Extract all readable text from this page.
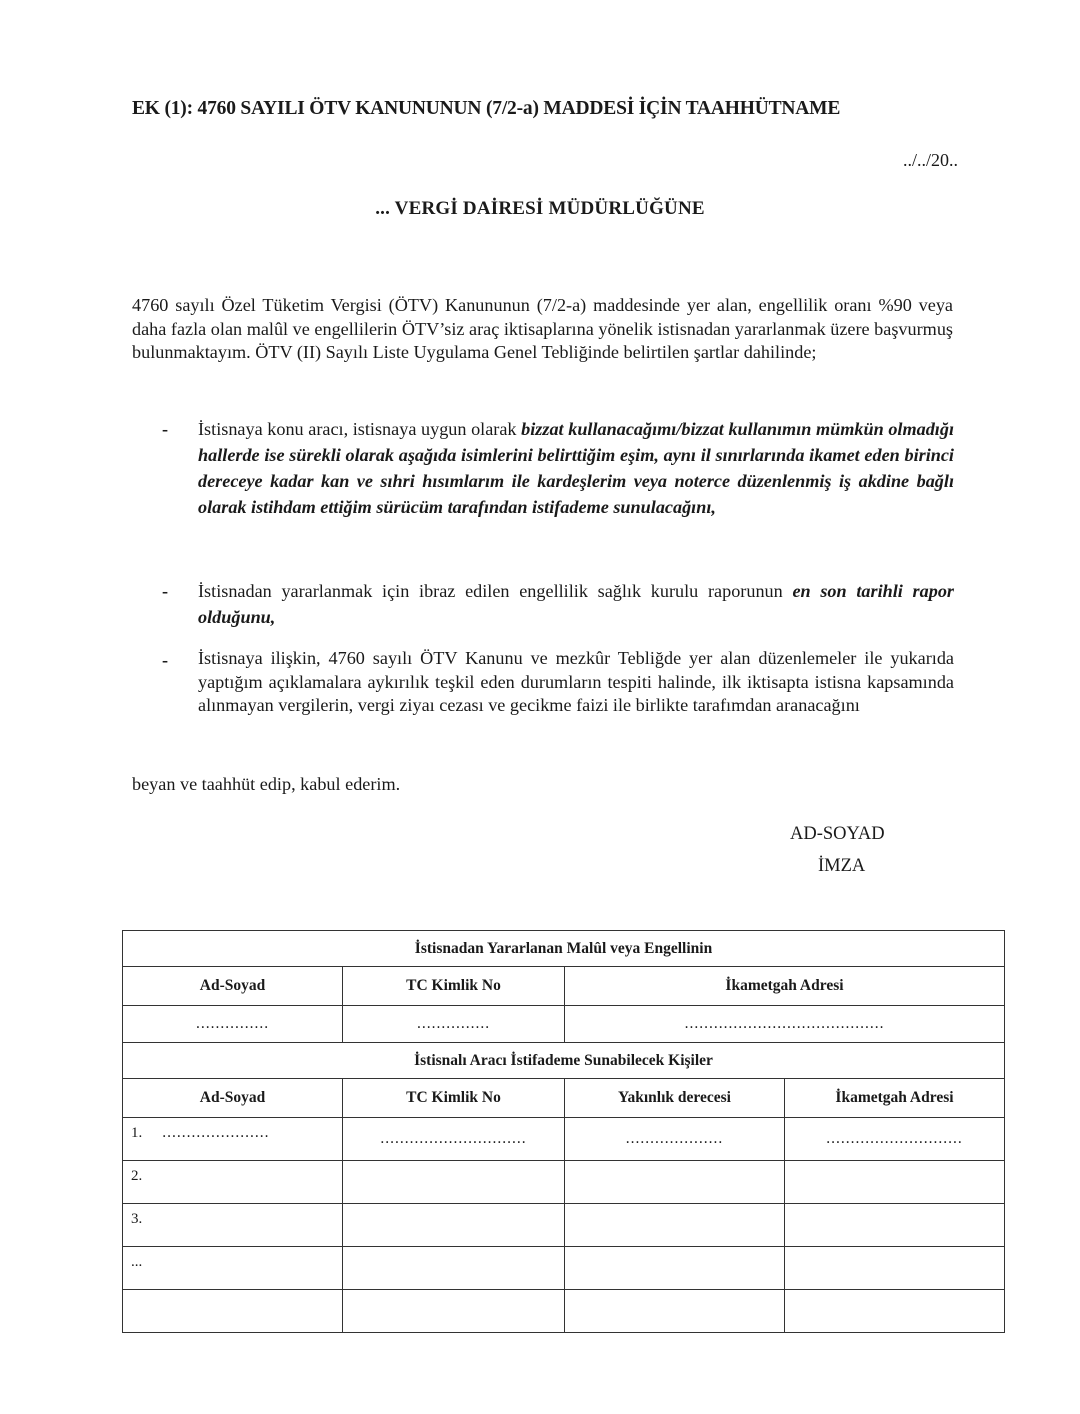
EK (1): 4760 SAYILI ÖTV KANUNUNUN (7/2-a) MADDESİ İÇİN TAAHHÜTNAME
../../20..
... VERGİ DAİRESİ MÜDÜRLÜĞÜNE
4760 sayılı Özel Tüketim Vergisi (ÖTV) Kanununun (7/2-a) maddesinde yer alan, engellilik oranı %90 veya daha fazla olan malûl ve engellilerin ÖTV’siz araç iktisaplarına yönelik istisnadan yararlanmak üzere başvurmuş bulunmaktayım. ÖTV (II) Sayılı Liste Uygulama Genel Tebliğinde belirtilen şartlar dahilinde;
- İstisnaya konu aracı, istisnaya uygun olarak bizzat kullanacağımı/bizzat kullanımın mümkün olmadığı hallerde ise sürekli olarak aşağıda isimlerini belirttiğim eşim, aynı il sınırlarında ikamet eden birinci dereceye kadar kan ve sıhri hısımlarım ile kardeşlerim veya noterce düzenlenmiş iş akdine bağlı olarak istihdam ettiğim sürücüm tarafından istifademe sunulacağını,
- İstisnadan yararlanmak için ibraz edilen engellilik sağlık kurulu raporunun en son tarihli rapor olduğunu,
- İstisnaya ilişkin, 4760 sayılı ÖTV Kanunu ve mezkûr Tebliğde yer alan düzenlemeler ile yukarıda yaptığım açıklamalara aykırılık teşkil eden durumların tespiti halinde, ilk iktisapta istisna kapsamında alınmayan vergilerin, vergi ziyaı cezası ve gecikme faizi ile birlikte tarafımdan aranacağını
beyan ve taahhüt edip, kabul ederim.
AD-SOYAD
İMZA
İstisnadan Yararlanan Malûl veya Engellinin			
Ad-Soyad	TC Kimlik No	İkametgah Adresi	
...............	...............	.........................................	
İstisnalı Aracı İstifademe Sunabilecek Kişiler			
Ad-Soyad	TC Kimlik No	Yakınlık derecesi	İkametgah Adresi
1. ......................	..............................	....................	............................
2.			
3.			
...			
